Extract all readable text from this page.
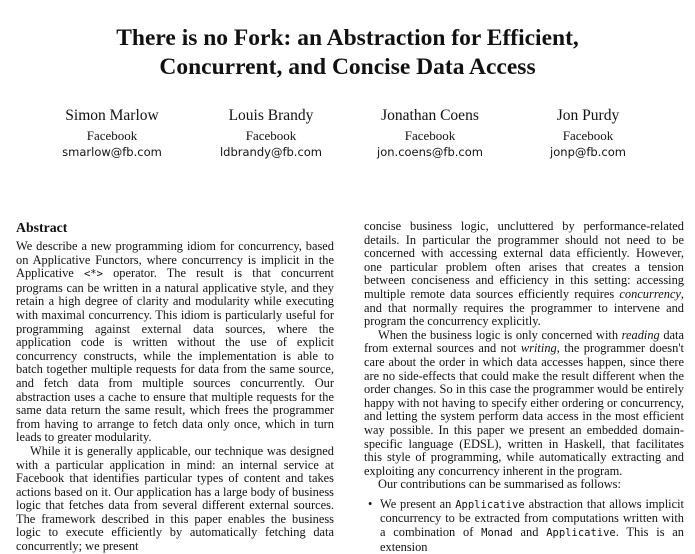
There is no Fork: an Abstraction for Efficient,
Concurrent, and Concise Data Access
Simon Marlow
Facebook
smarlow@fb.com
Louis Brandy
Facebook
ldbrandy@fb.com
Jonathan Coens
Facebook
jon.coens@fb.com
Jon Purdy
Facebook
jonp@fb.com
Abstract

We describe a new programming idiom for concurrency, based on Applicative Functors, where concurrency is implicit in the Applicative <*> operator. The result is that concurrent programs can be written in a natural applicative style, and they retain a high degree of clarity and modularity while executing with maximal concurrency. This idiom is particularly useful for programming against external data sources, where the application code is written without the use of explicit concurrency constructs, while the implementation is able to batch together multiple requests for data from the same source, and fetch data from multiple sources concurrently. Our abstraction uses a cache to ensure that multiple requests for the same data return the same result, which frees the programmer from having to arrange to fetch data only once, which in turn leads to greater modularity.

While it is generally applicable, our technique was designed with a particular application in mind: an internal service at Facebook that identifies particular types of content and takes actions based on it. Our application has a large body of business logic that fetches data from several different external sources. The framework described in this paper enables the business logic to execute efficiently by automatically fetching data concurrently; we present

concise business logic, uncluttered by performance-related details. In particular the programmer should not need to be concerned with accessing external data efficiently. However, one particular problem often arises that creates a tension between conciseness and efficiency in this setting: accessing multiple remote data sources efficiently requires concurrency, and that normally requires the programmer to intervene and program the concurrency explicitly.

When the business logic is only concerned with reading data from external sources and not writing, the programmer doesn't care about the order in which data accesses happen, since there are no side-effects that could make the result different when the order changes. So in this case the programmer would be entirely happy with not having to specify either ordering or concurrency, and letting the system perform data access in the most efficient way possible. In this paper we present an embedded domain-specific language (EDSL), written in Haskell, that facilitates this style of programming, while automatically extracting and exploiting any concurrency inherent in the program.

Our contributions can be summarised as follows:

• We present an Applicative abstraction that allows implicit concurrency to be extracted from computations written with a combination of Monad and Applicative. This is an extension
